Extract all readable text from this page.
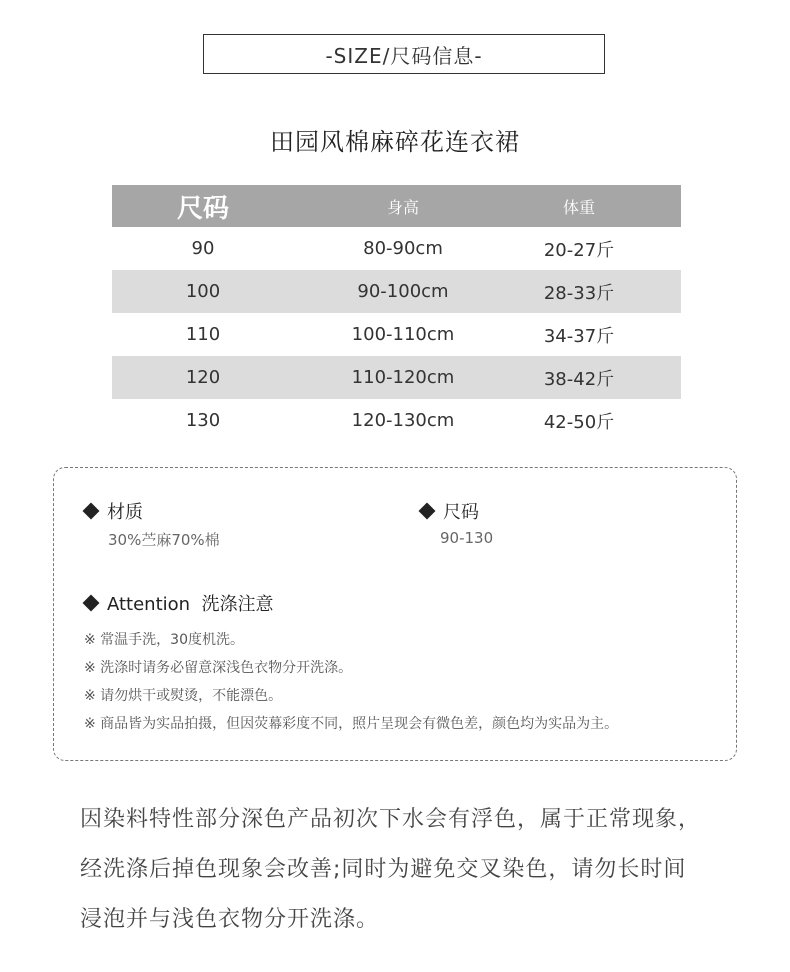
-SIZE/尺码信息-
田园风棉麻碎花连衣裙
尺码	身高	体重
90	80-90cm	20-27斤
100	90-100cm	28-33斤
110	100-110cm	34-37斤
120	110-120cm	38-42斤
130	120-130cm	42-50斤
材质
30%苎麻70%棉
尺码
90-130
Attention  洗涤注意
※ 常温手洗，30度机洗。
※ 洗涤时请务必留意深浅色衣物分开洗涤。
※ 请勿烘干或熨烫，不能漂色。
※ 商品皆为实品拍摄，但因荧幕彩度不同，照片呈现会有微色差，颜色均为实品为主。
因染料特性部分深色产品初次下水会有浮色，属于正常现象，
经洗涤后掉色现象会改善;同时为避免交叉染色，请勿长时间
浸泡并与浅色衣物分开洗涤。
